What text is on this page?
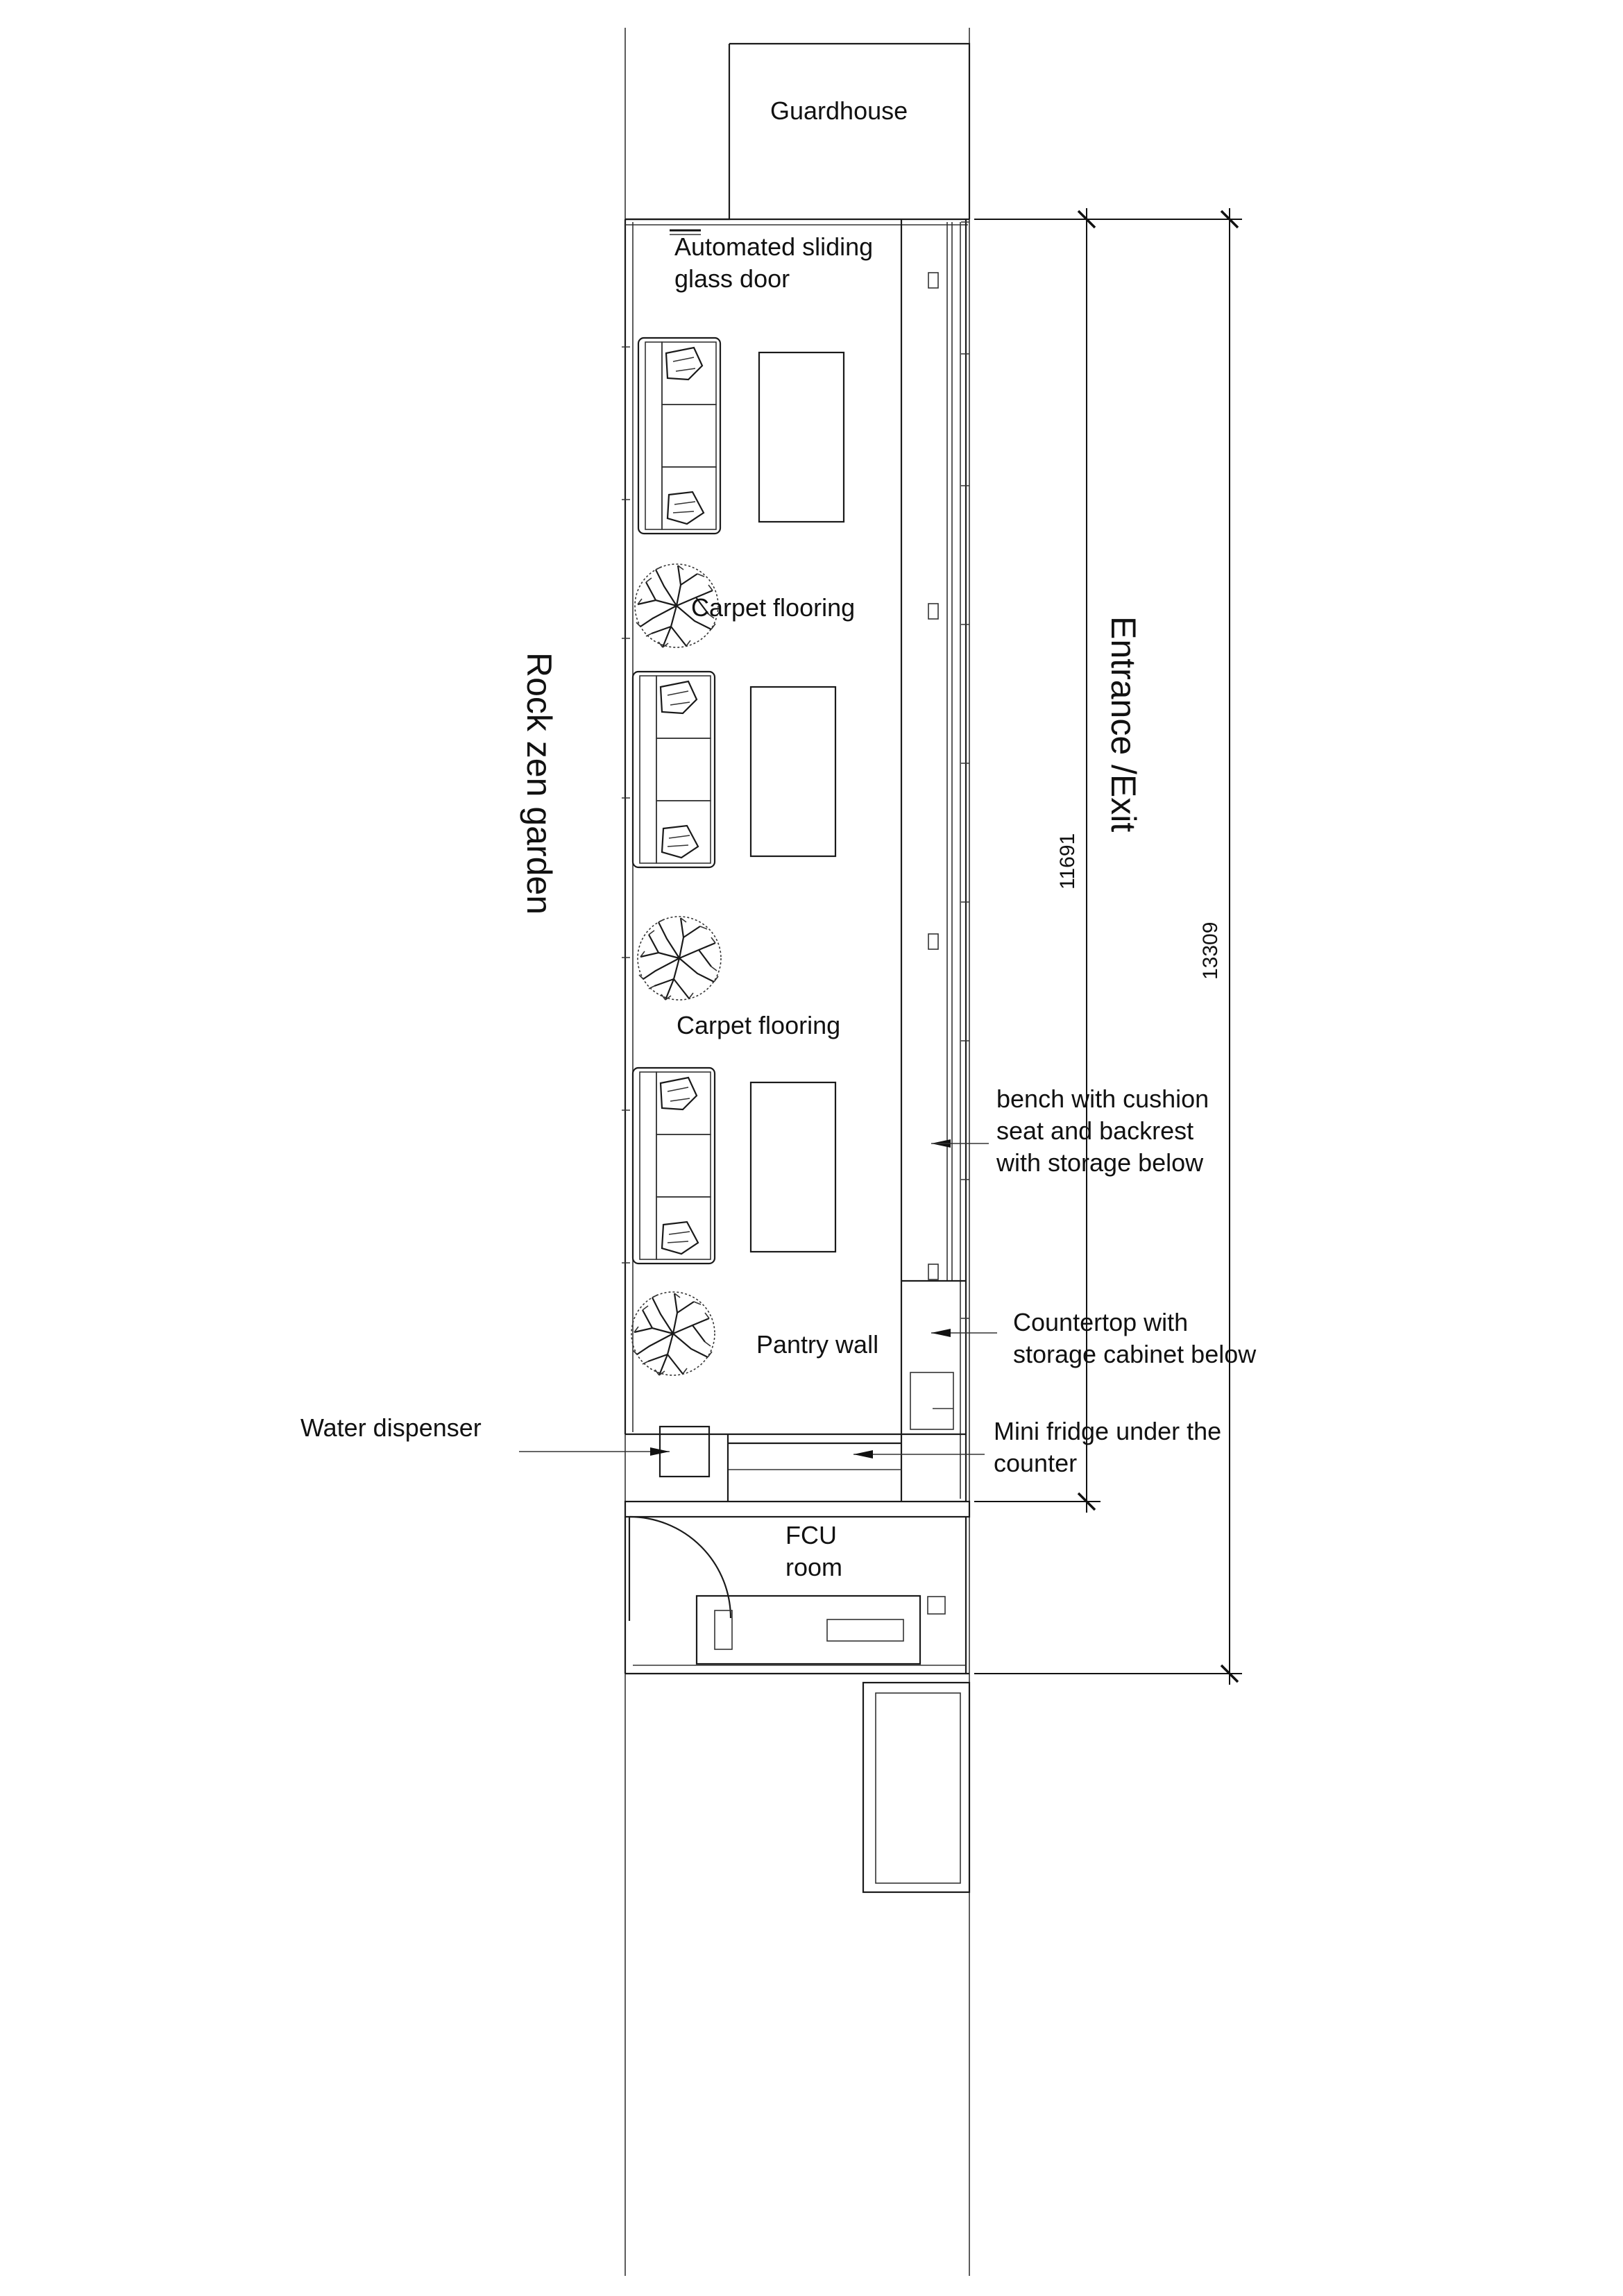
Guardhouse
Automated sliding
glass door
Carpet flooring
Carpet flooring
Pantry wall
FCU
room
bench with cushion
seat and backrest
with storage below
Countertop with
storage cabinet below
Water dispenser	Mini fridge under the
counter
Rock zen garden	Entrance /Exit
11691
13309
